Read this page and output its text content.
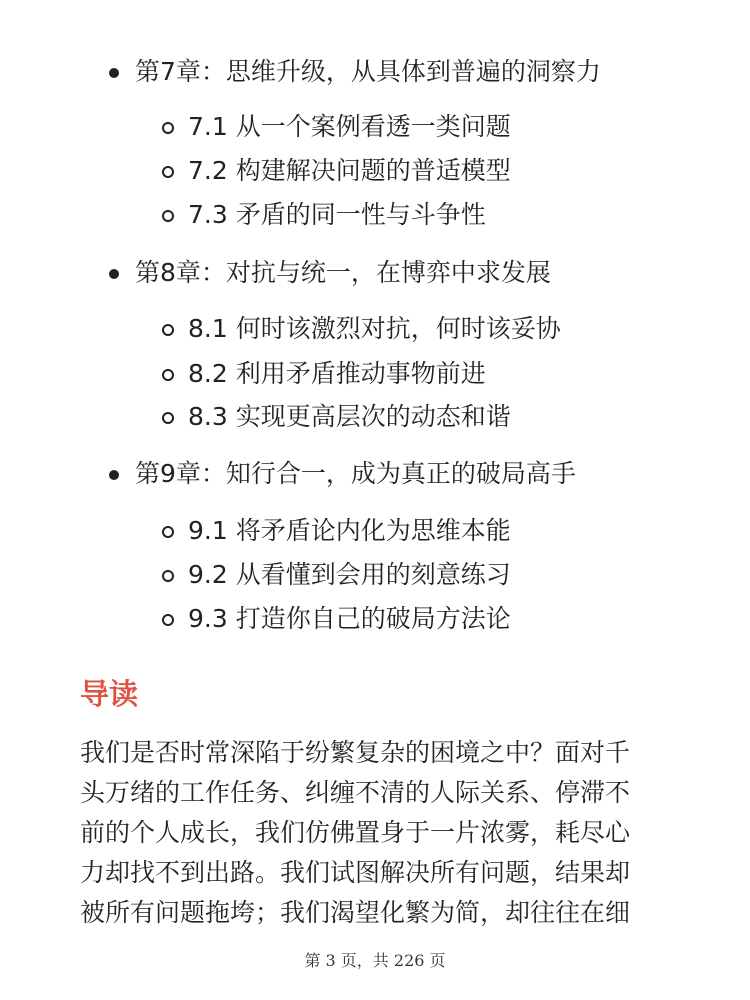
第7章：思维升级，从具体到普遍的洞察力
7.1 从一个案例看透一类问题
7.2 构建解决问题的普适模型
7.3 矛盾的同一性与斗争性
第8章：对抗与统一，在博弈中求发展
8.1 何时该激烈对抗，何时该妥协
8.2 利用矛盾推动事物前进
8.3 实现更高层次的动态和谐
第9章：知行合一，成为真正的破局高手
9.1 将矛盾论内化为思维本能
9.2 从看懂到会用的刻意练习
9.3 打造你自己的破局方法论
导读
我们是否时常深陷于纷繁复杂的困境之中？面对千
头万绪的工作任务、纠缠不清的人际关系、停滞不
前的个人成长，我们仿佛置身于一片浓雾，耗尽心
力却找不到出路。我们试图解决所有问题，结果却
被所有问题拖垮；我们渴望化繁为简，却往往在细
第 3 页，共 226 页
